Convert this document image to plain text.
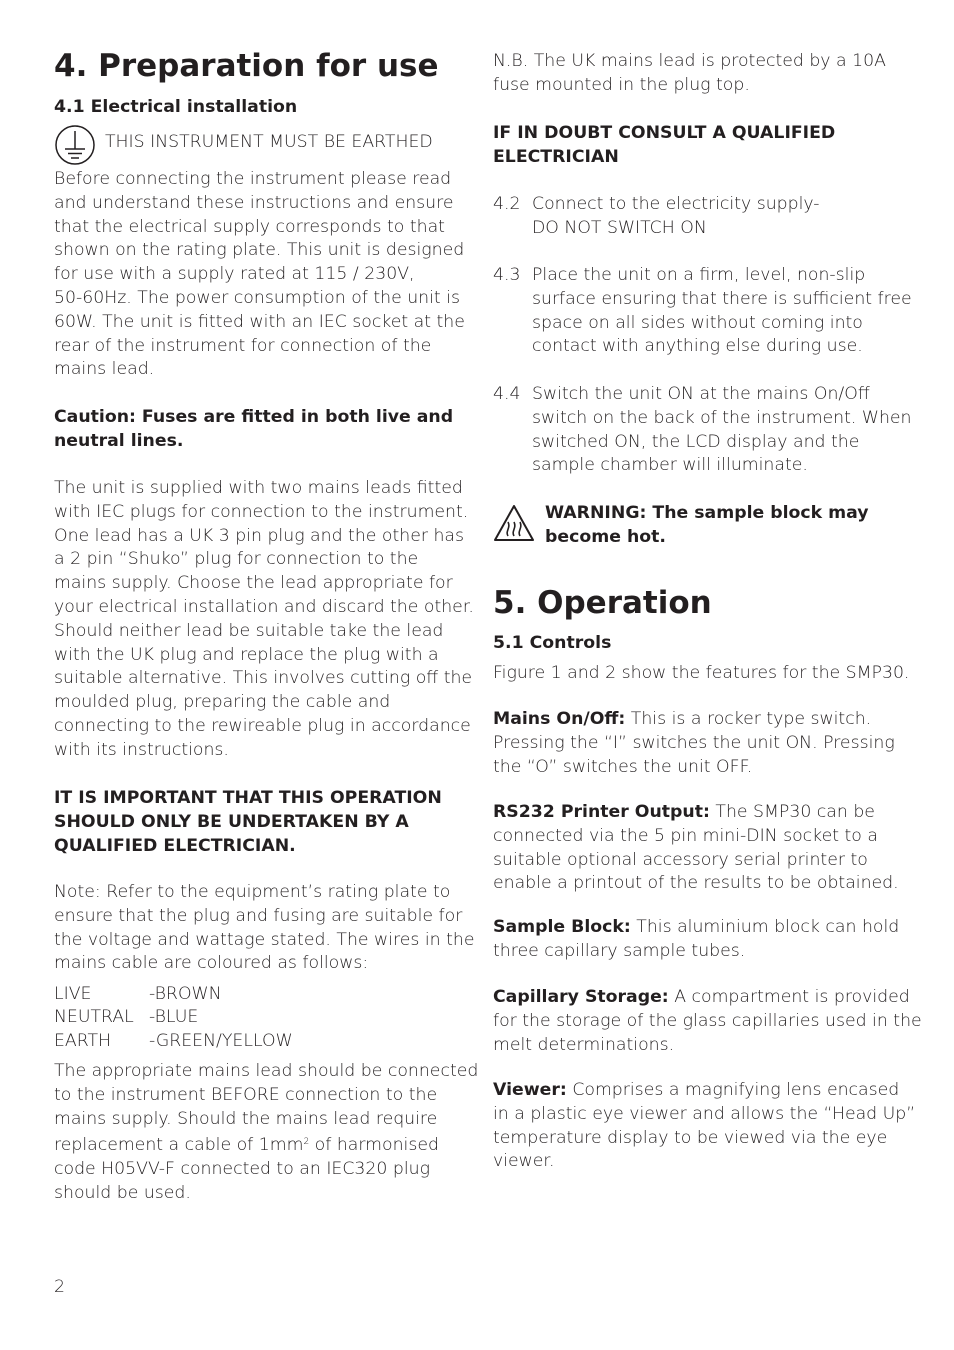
4. Preparation for use
4.1 Electrical installation
THIS INSTRUMENT MUST BE EARTHED
Before connecting the instrument please read
and understand these instructions and ensure
that the electrical supply corresponds to that
shown on the rating plate. This unit is designed
for use with a supply rated at 115 / 230V,
50-60Hz. The power consumption of the unit is
60W. The unit is fitted with an IEC socket at the
rear of the instrument for connection of the
mains lead.
Caution: Fuses are fitted in both live and
neutral lines.
The unit is supplied with two mains leads fitted
with IEC plugs for connection to the instrument.
One lead has a UK 3 pin plug and the other has
a 2 pin “Shuko” plug for connection to the
mains supply. Choose the lead appropriate for
your electrical installation and discard the other.
Should neither lead be suitable take the lead
with the UK plug and replace the plug with a
suitable alternative. This involves cutting off the
moulded plug, preparing the cable and
connecting to the rewireable plug in accordance
with its instructions.
IT IS IMPORTANT THAT THIS OPERATION
SHOULD ONLY BE UNDERTAKEN BY A
QUALIFIED ELECTRICIAN.
Note: Refer to the equipment’s rating plate to
ensure that the plug and fusing are suitable for
the voltage and wattage stated. The wires in the
mains cable are coloured as follows:
LIVE	-BROWN
NEUTRAL -BLUE
EARTH -GREEN/YELLOW
The appropriate mains lead should be connected
to the instrument BEFORE connection to the
mains supply. Should the mains lead require
replacement a cable of $1mm^2$ of harmonised
code H05VV-F connected to an IEC320 plug
should be used.
N.B. The UK mains lead is protected by a 10A
fuse mounted in the plug top.
IF IN DOUBT CONSULT A QUALIFIED
ELECTRICIAN
4.2 Connect to the electricity supply-
DO NOT SWITCH ON
4.3 Place the unit on a firm, level, non-slip
surface ensuring that there is sufficient free
space on all sides without coming into
contact with anything else during use.
4.4 Switch the unit ON at the mains On/Off
switch on the back of the instrument. When
switched ON, the LCD display and the
sample chamber will illuminate.
WARNING: The sample block may
become hot.
5. Operation
5.1 Controls
Figure 1 and 2 show the features for the SMP30.
Mains On/Off: This is a rocker type switch.
Pressing the “I” switches the unit ON. Pressing
the “O” switches the unit OFF.
RS232 Printer Output: The SMP30 can be
connected via the 5 pin mini-DIN socket to a
suitable optional accessory serial printer to
enable a printout of the results to be obtained.
Sample Block: This aluminium block can hold
three capillary sample tubes.
Capillary Storage: A compartment is provided
for the storage of the glass capillaries used in the
melt determinations.
Viewer: Comprises a magnifying lens encased
in a plastic eye viewer and allows the “Head Up”
temperature display to be viewed via the eye
viewer.
2
